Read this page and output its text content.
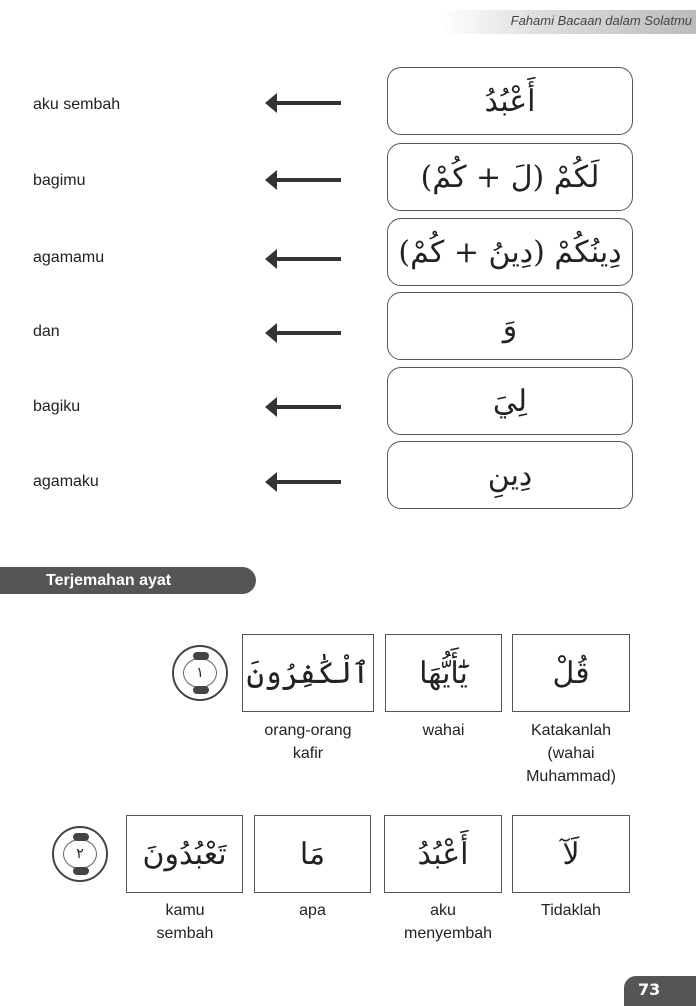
Fahami Bacaan dalam Solatmu
aku sembah
bagimu
agamamu
dan
bagiku
agamaku
أَعْبُدُ
لَكُمْ (لَ + كُمْ)
دِينُكُمْ (دِينُ + كُمْ)
وَ
لِيَ
دِينِ
Terjemahan ayat
١	قُلْ
يَٰٓأَيُّهَا
ٱلْكَٰفِرُونَ
Katakanlah (wahai Muhammad)
wahai
orang-orang kafir
٢	لَآ
أَعْبُدُ
مَا
تَعْبُدُونَ
Tidaklah
aku menyembah
apa
kamu sembah
73
